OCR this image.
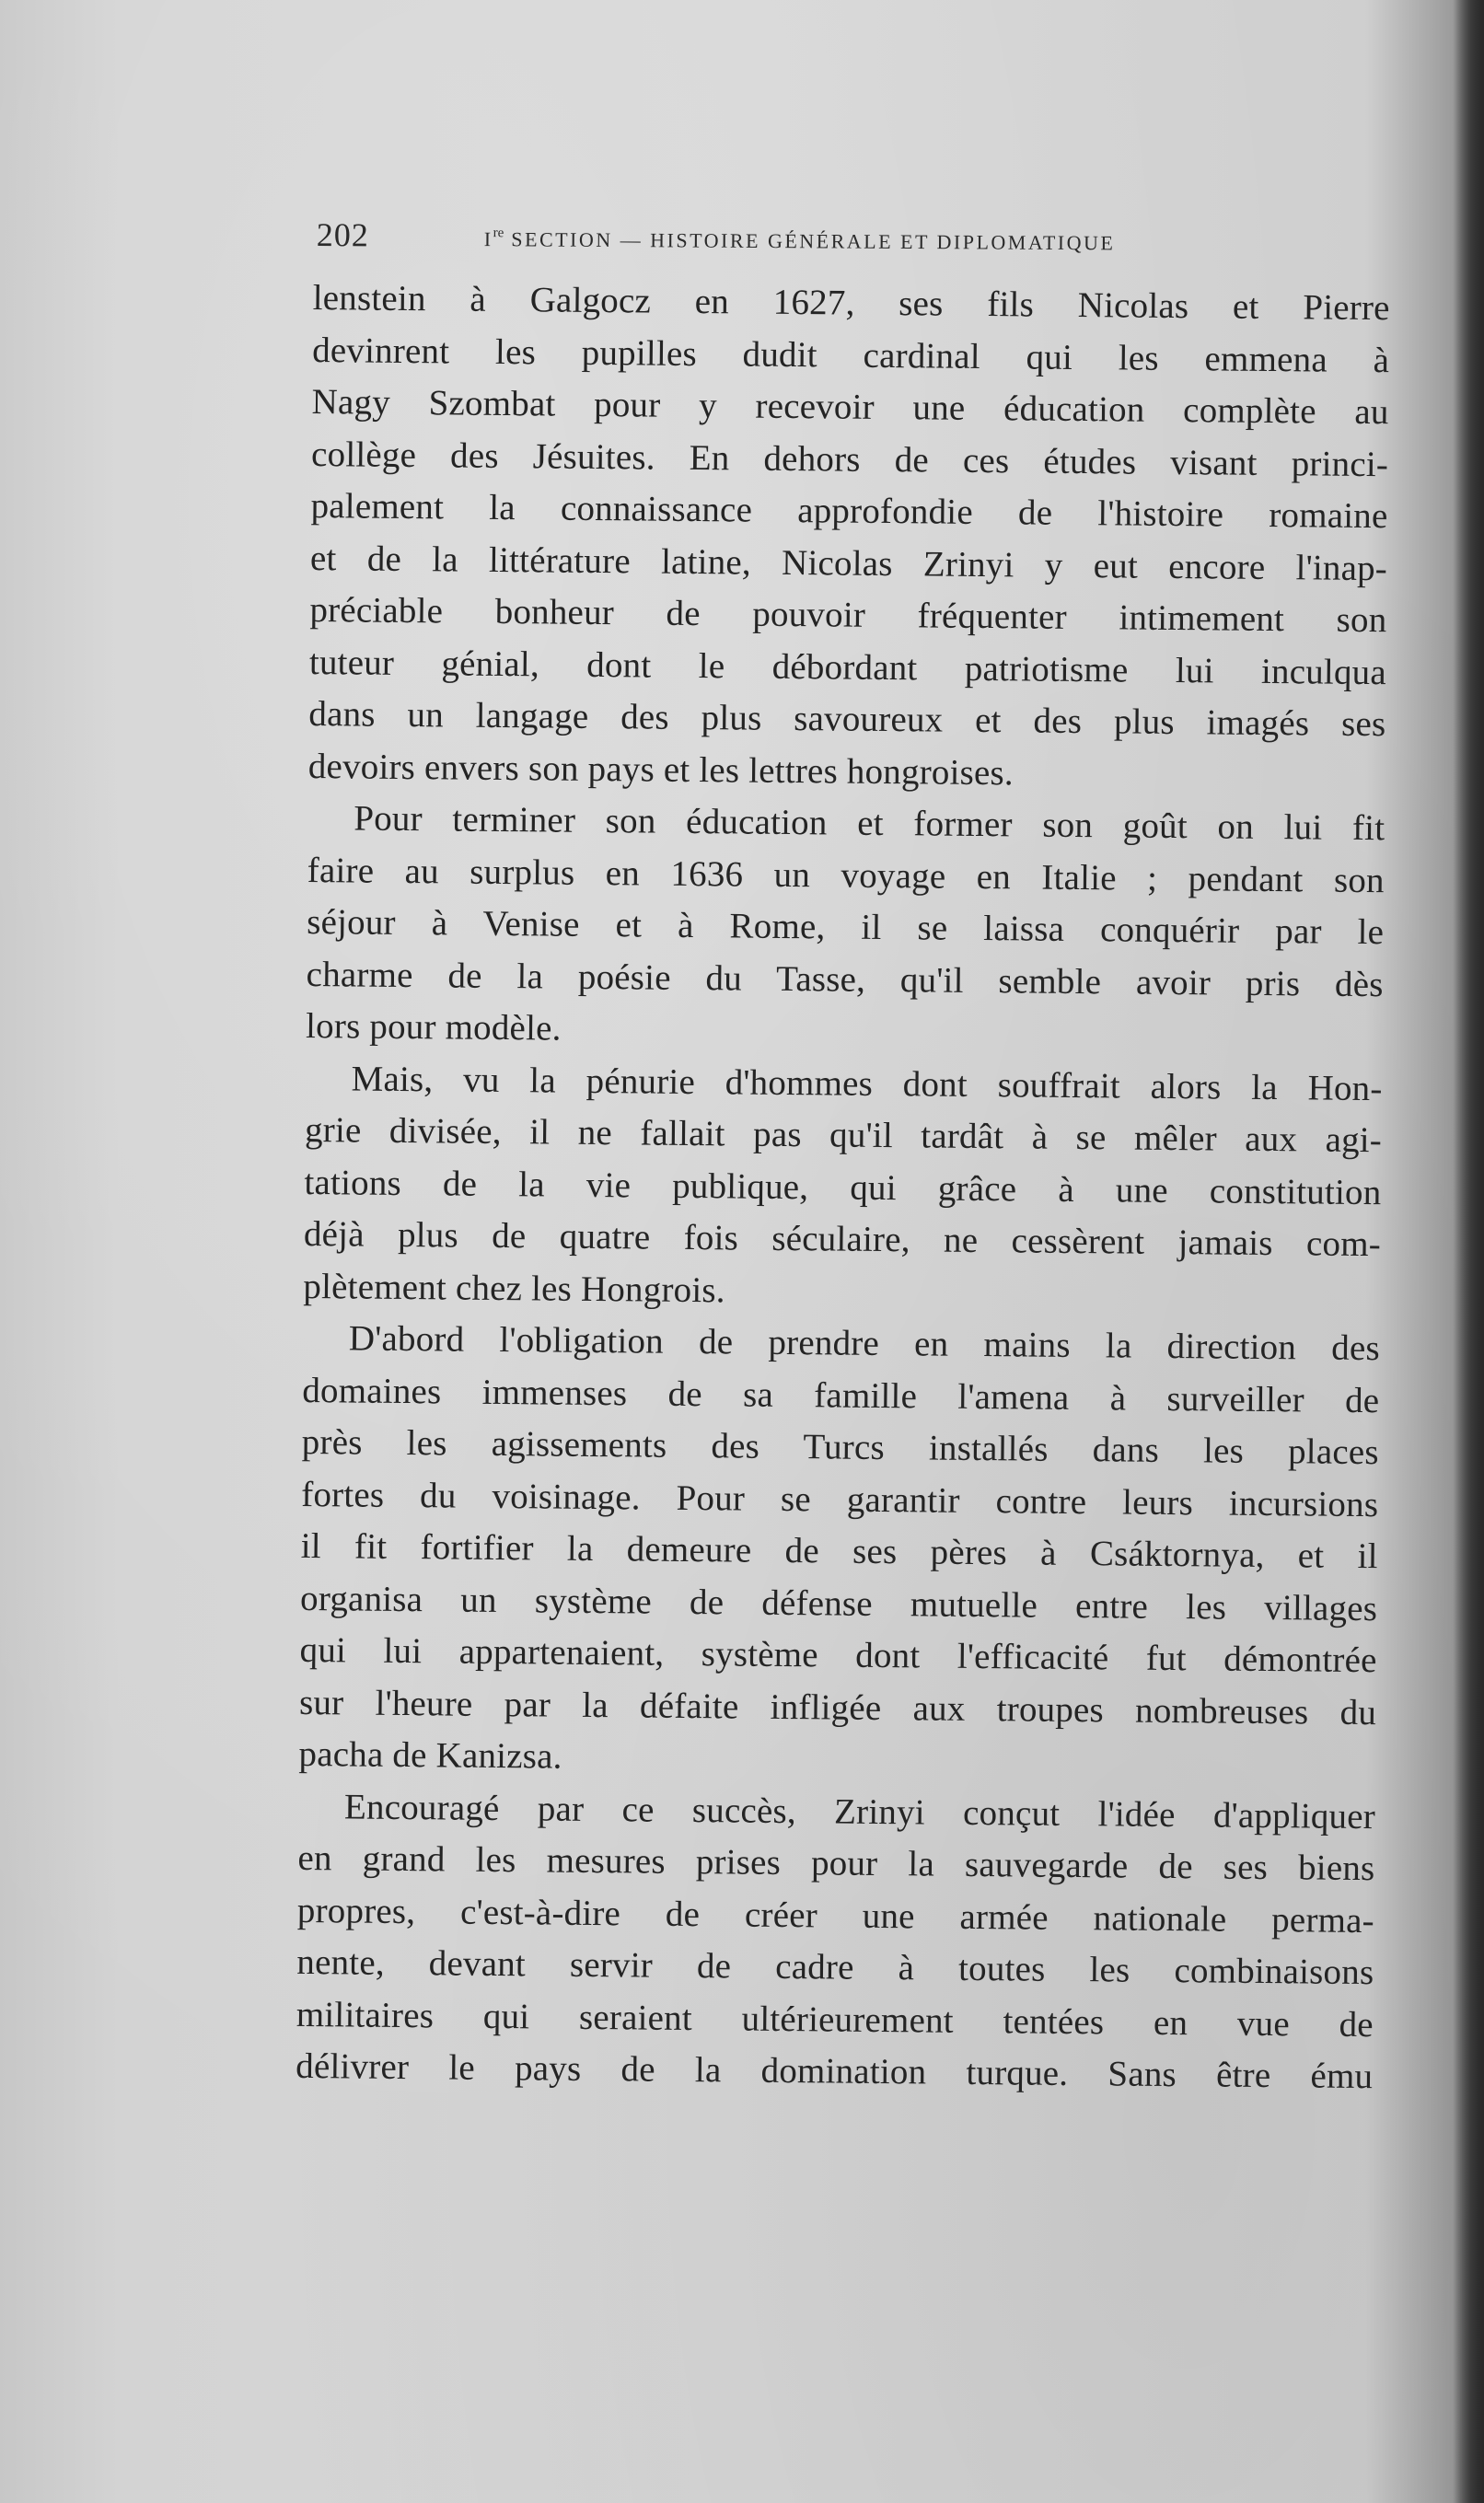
202	Ire SECTION — HISTOIRE GÉNÉRALE ET DIPLOMATIQUE
lenstein à Galgocz en 1627, ses fils Nicolas et Pierre
devinrent les pupilles dudit cardinal qui les emmena à
Nagy Szombat pour y recevoir une éducation complète au
collège des Jésuites. En dehors de ces études visant princi-
palement la connaissance approfondie de l'histoire romaine
et de la littérature latine, Nicolas Zrinyi y eut encore l'inap-
préciable bonheur de pouvoir fréquenter intimement son
tuteur génial, dont le débordant patriotisme lui inculqua
dans un langage des plus savoureux et des plus imagés ses
devoirs envers son pays et les lettres hongroises.
Pour terminer son éducation et former son goût on lui fit
faire au surplus en 1636 un voyage en Italie ; pendant son
séjour à Venise et à Rome, il se laissa conquérir par le
charme de la poésie du Tasse, qu'il semble avoir pris dès
lors pour modèle.
Mais, vu la pénurie d'hommes dont souffrait alors la Hon-
grie divisée, il ne fallait pas qu'il tardât à se mêler aux agi-
tations de la vie publique, qui grâce à une constitution
déjà plus de quatre fois séculaire, ne cessèrent jamais com-
plètement chez les Hongrois.
D'abord l'obligation de prendre en mains la direction des
domaines immenses de sa famille l'amena à surveiller de
près les agissements des Turcs installés dans les places
fortes du voisinage. Pour se garantir contre leurs incursions
il fit fortifier la demeure de ses pères à Csáktornya, et il
organisa un système de défense mutuelle entre les villages
qui lui appartenaient, système dont l'efficacité fut démontrée
sur l'heure par la défaite infligée aux troupes nombreuses du
pacha de Kanizsa.
Encouragé par ce succès, Zrinyi conçut l'idée d'appliquer
en grand les mesures prises pour la sauvegarde de ses biens
propres, c'est-à-dire de créer une armée nationale perma-
nente, devant servir de cadre à toutes les combinaisons
militaires qui seraient ultérieurement tentées en vue de
délivrer le pays de la domination turque. Sans être ému
